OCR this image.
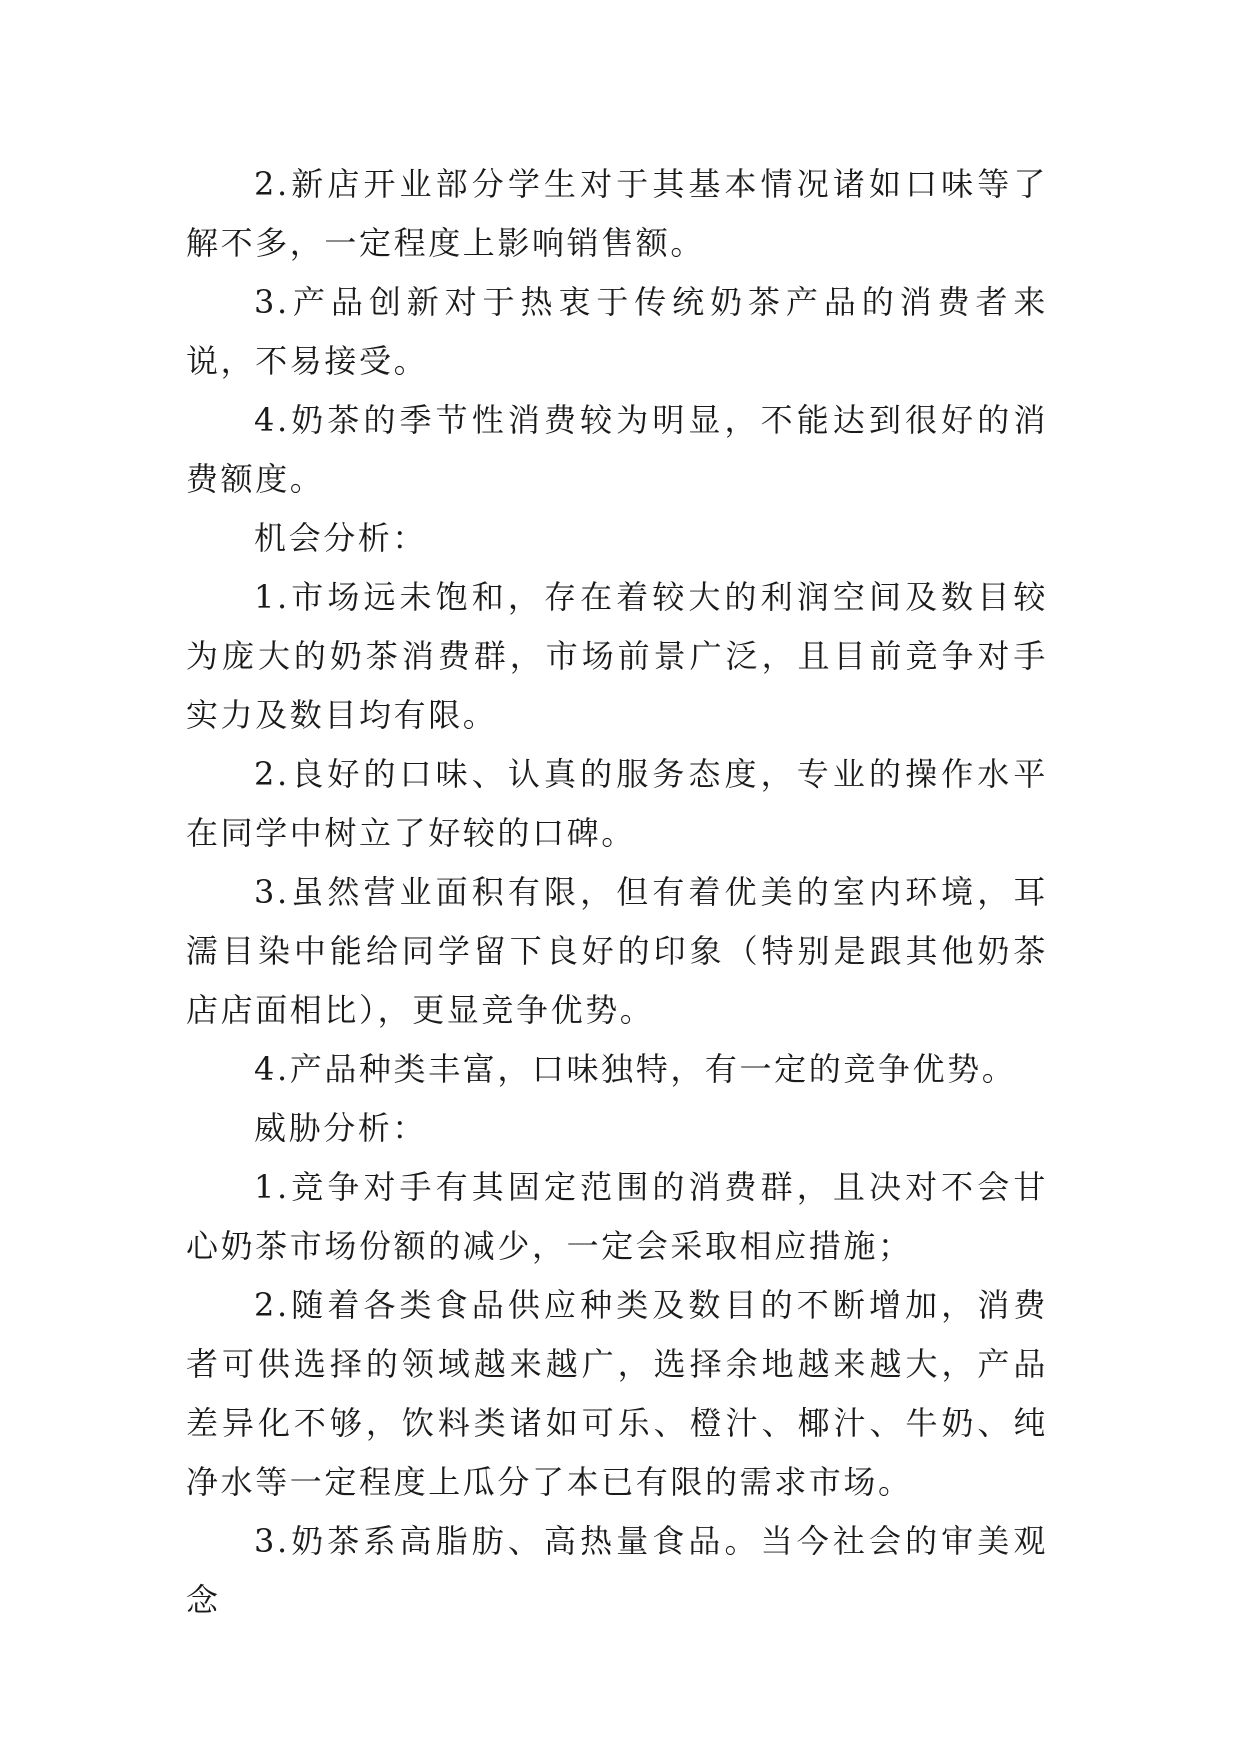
2.新店开业部分学生对于其基本情况诸如口味等了解不多，一定程度上影响销售额。

3.产品创新对于热衷于传统奶茶产品的消费者来说，不易接受。

4.奶茶的季节性消费较为明显，不能达到很好的消费额度。

机会分析：

1.市场远未饱和，存在着较大的利润空间及数目较为庞大的奶茶消费群，市场前景广泛，且目前竞争对手实力及数目均有限。

2.良好的口味、认真的服务态度，专业的操作水平在同学中树立了好较的口碑。

3.虽然营业面积有限，但有着优美的室内环境，耳濡目染中能给同学留下良好的印象（特别是跟其他奶茶店店面相比），更显竞争优势。

4.产品种类丰富，口味独特，有一定的竞争优势。

威胁分析：

1.竞争对手有其固定范围的消费群，且决对不会甘心奶茶市场份额的减少，一定会采取相应措施；

2.随着各类食品供应种类及数目的不断增加，消费者可供选择的领域越来越广，选择余地越来越大，产品差异化不够，饮料类诸如可乐、橙汁、椰汁、牛奶、纯净水等一定程度上瓜分了本已有限的需求市场。

3.奶茶系高脂肪、高热量食品。当今社会的审美观念
